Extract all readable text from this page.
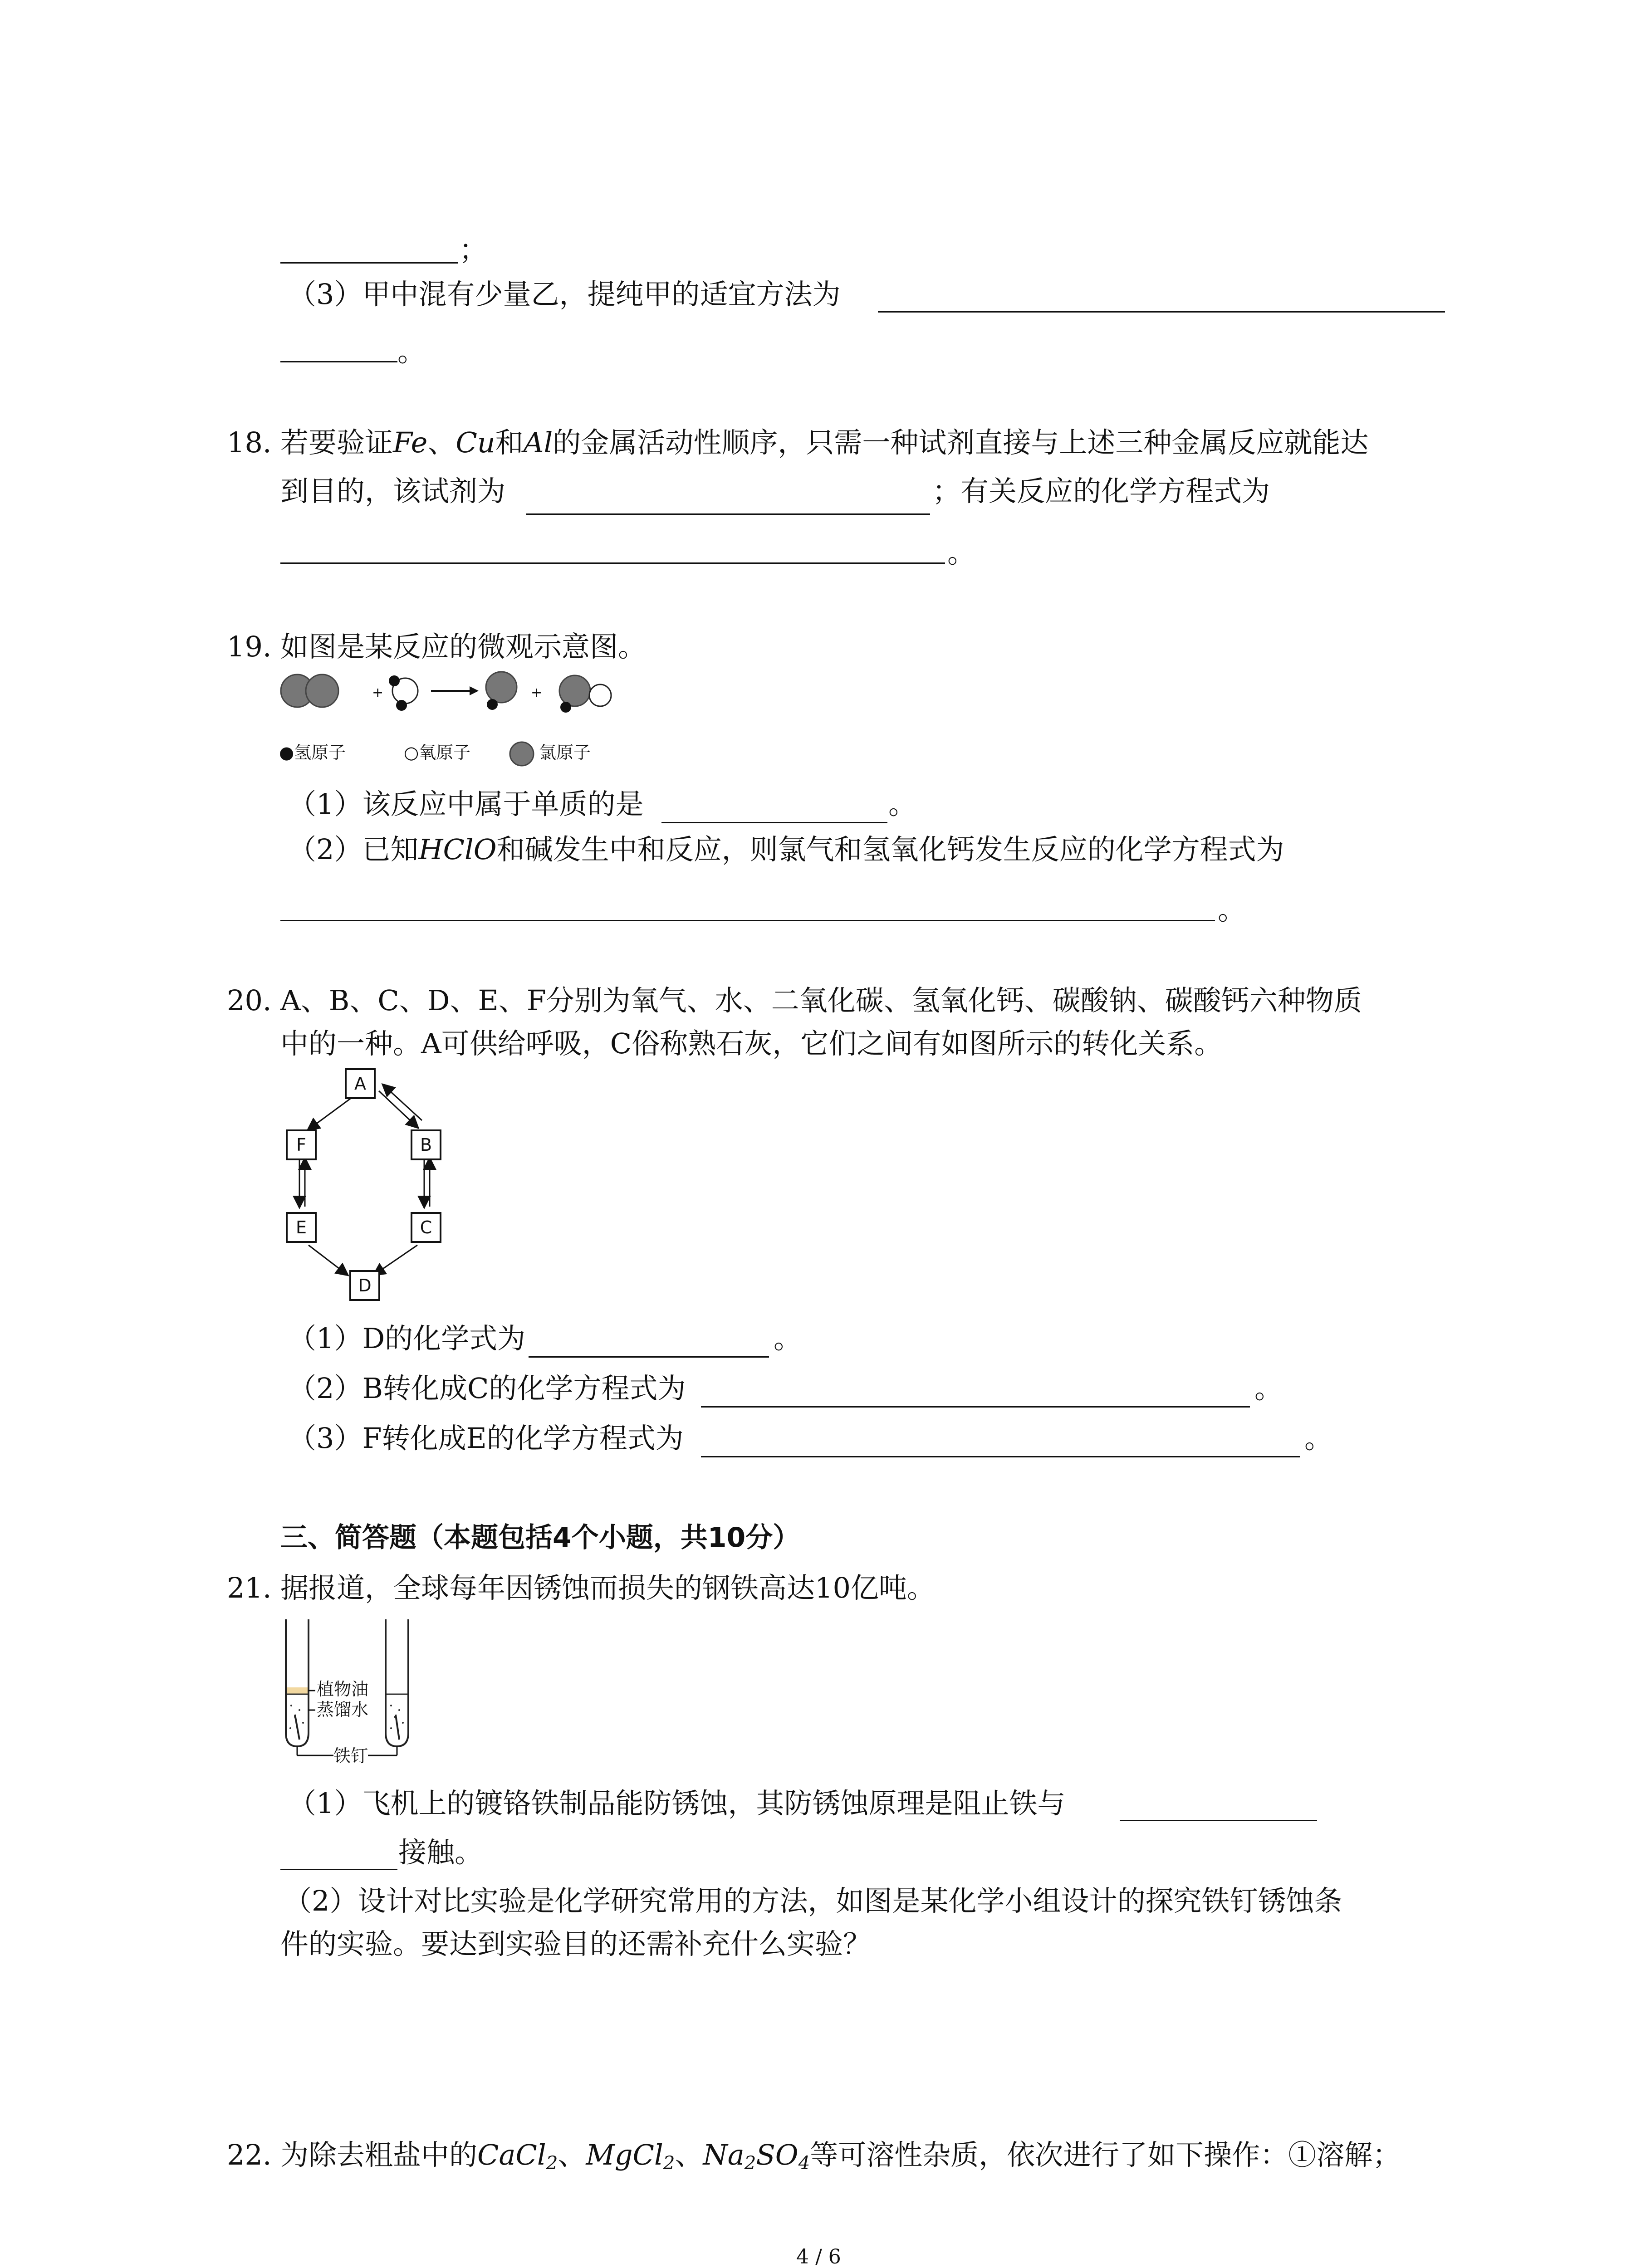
；
（3）甲中混有少量乙，提纯甲的适宜方法为
。
18. 若要验证Fe、Cu和Al的金属活动性顺序，只需一种试剂直接与上述三种金属反应就能达
到目的，该试剂为	；有关反应的化学方程式为
。
19. 如图是某反应的微观示意图。
+	+
●氢原子	○氧原子	氯原子
（1）该反应中属于单质的是	。
（2）已知HClO和碱发生中和反应，则氯气和氢氧化钙发生反应的化学方程式为
。
20. A、B、C、D、E、F分别为氧气、水、二氧化碳、氢氧化钙、碳酸钠、碳酸钙六种物质
中的一种。A可供给呼吸，C俗称熟石灰，它们之间有如图所示的转化关系。
A
F	B
E	C
D
（1）D的化学式为	。
（2）B转化成C的化学方程式为	。
（3）F转化成E的化学方程式为	。
三、简答题（本题包括4个小题，共10分）
21. 据报道，全球每年因锈蚀而损失的钢铁高达10亿吨。
植物油
蒸馏水
铁钉
（1）飞机上的镀铬铁制品能防锈蚀，其防锈蚀原理是阻止铁与
接触。
（2）设计对比实验是化学研究常用的方法，如图是某化学小组设计的探究铁钉锈蚀条
件的实验。要达到实验目的还需补充什么实验？
22. 为除去粗盐中的CaCl$_2$、MgCl$_2$、$Na_2SO_4$等可溶性杂质，依次进行了如下操作：①溶解；
4 / 6
